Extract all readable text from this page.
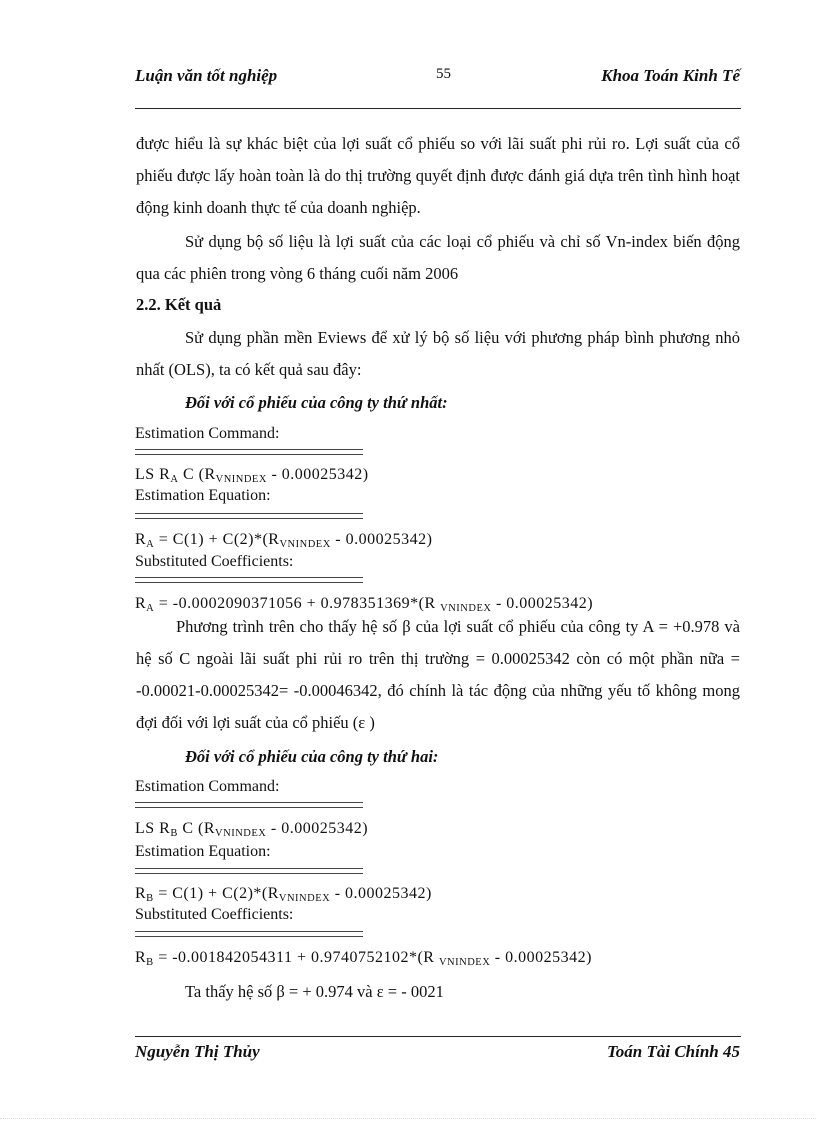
Luận văn tốt nghiệp	55	Khoa Toán Kinh Tế
được hiểu là sự khác biệt của lợi suất cổ phiếu so với lãi suất phi rủi ro. Lợi suất của cổ phiếu được lấy hoàn toàn là do thị trường quyết định được đánh giá dựa trên tình hình hoạt động kinh doanh thực tế của doanh nghiệp.
Sử dụng bộ số liệu là lợi suất của các loại cổ phiếu và chỉ số Vn-index biến động qua các phiên trong vòng 6 tháng cuối năm 2006
2.2. Kết quả
Sử dụng phần mền Eviews để xử lý bộ số liệu với phương pháp bình phương nhỏ nhất (OLS), ta có kết quả sau đây:
Đối với cổ phiếu của công ty thứ nhất:
Estimation Command:
LS $R_A$ C $(R_{VNINDEX} - 0.00025342)$
Estimation Equation:
$R_A = C(1) + C(2)*(R_{VNINDEX} - 0.00025342)$
Substituted Coefficients:
$R_A = -0.0002090371056 + 0.978351369*(R$ $_{VNINDEX}$ - 0.00025342)
Phương trình trên cho thấy hệ số β của lợi suất cổ phiếu của công ty A = +0.978 và hệ số C ngoài lãi suất phi rủi ro trên thị trường = 0.00025342 còn có một phần nữa = -0.00021-0.00025342= -0.00046342, đó chính là tác động của những yếu tố không mong đợi đối với lợi suất của cổ phiếu (ε )
Đối với cổ phiếu của công ty thứ hai:
Estimation Command:
LS $R_B$ C $(R_{VNINDEX} - 0.00025342)$
Estimation Equation:
$R_B = C(1) + C(2)*(R_{VNINDEX} - 0.00025342)$
Substituted Coefficients:
$R_B = -0.001842054311 + 0.9740752102*(R$ $_{VNINDEX}$ - 0.00025342)
Ta thấy hệ số β = + 0.974 và ε = - 0021
Nguyễn Thị Thủy	Toán Tài Chính 45
